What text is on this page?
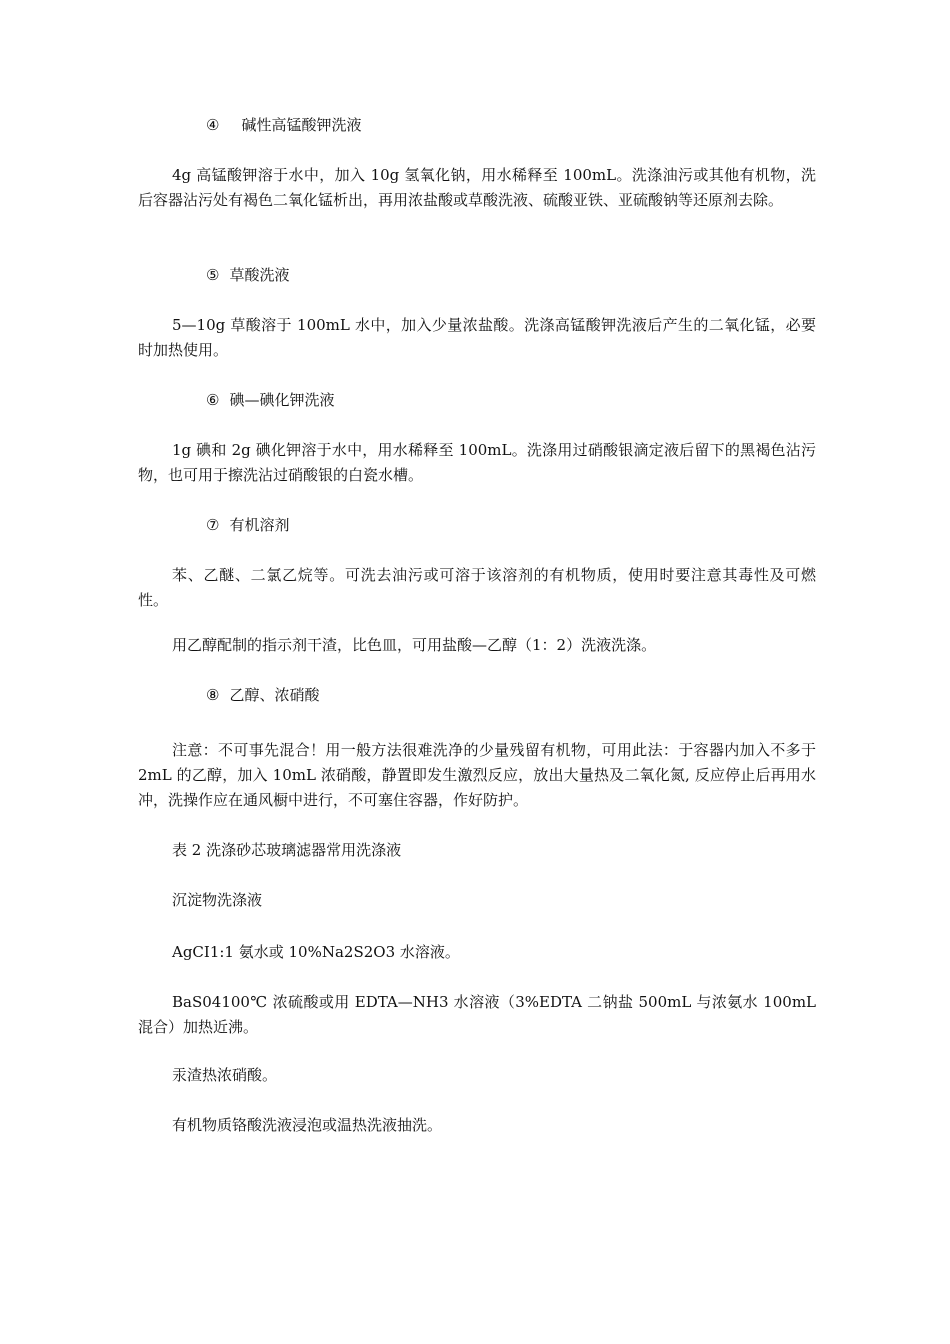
④ 碱性高锰酸钾洗液

4g 高锰酸钾溶于水中，加入 10g 氢氧化钠，用水稀释至 100mL。洗涤油污或其他有机物，洗后容器沾污处有褐色二氧化锰析出，再用浓盐酸或草酸洗液、硫酸亚铁、亚硫酸钠等还原剂去除。

⑤ 草酸洗液

5—10g 草酸溶于 100mL 水中，加入少量浓盐酸。洗涤高锰酸钾洗液后产生的二氧化锰，必要时加热使用。

⑥ 碘—碘化钾洗液

1g 碘和 2g 碘化钾溶于水中，用水稀释至 100mL。洗涤用过硝酸银滴定液后留下的黑褐色沾污物，也可用于擦洗沾过硝酸银的白瓷水槽。

⑦ 有机溶剂

苯、乙醚、二氯乙烷等。可洗去油污或可溶于该溶剂的有机物质，使用时要注意其毒性及可燃性。

用乙醇配制的指示剂干渣，比色皿，可用盐酸—乙醇（1：2）洗液洗涤。

⑧ 乙醇、浓硝酸

注意：不可事先混合！用一般方法很难洗净的少量残留有机物，可用此法：于容器内加入不多于 2mL 的乙醇，加入 10mL 浓硝酸，静置即发生激烈反应，放出大量热及二氧化氮, 反应停止后再用水冲，洗操作应在通风橱中进行，不可塞住容器，作好防护。

表 2 洗涤砂芯玻璃滤器常用洗涤液

沉淀物洗涤液

AgCI1:1 氨水或 10%Na2S2O3 水溶液。

BaS04100℃ 浓硫酸或用 EDTA—NH3 水溶液（3%EDTA 二钠盐 500mL 与浓氨水 100mL 混合）加热近沸。

汞渣热浓硝酸。

有机物质铬酸洗液浸泡或温热洗液抽洗。
